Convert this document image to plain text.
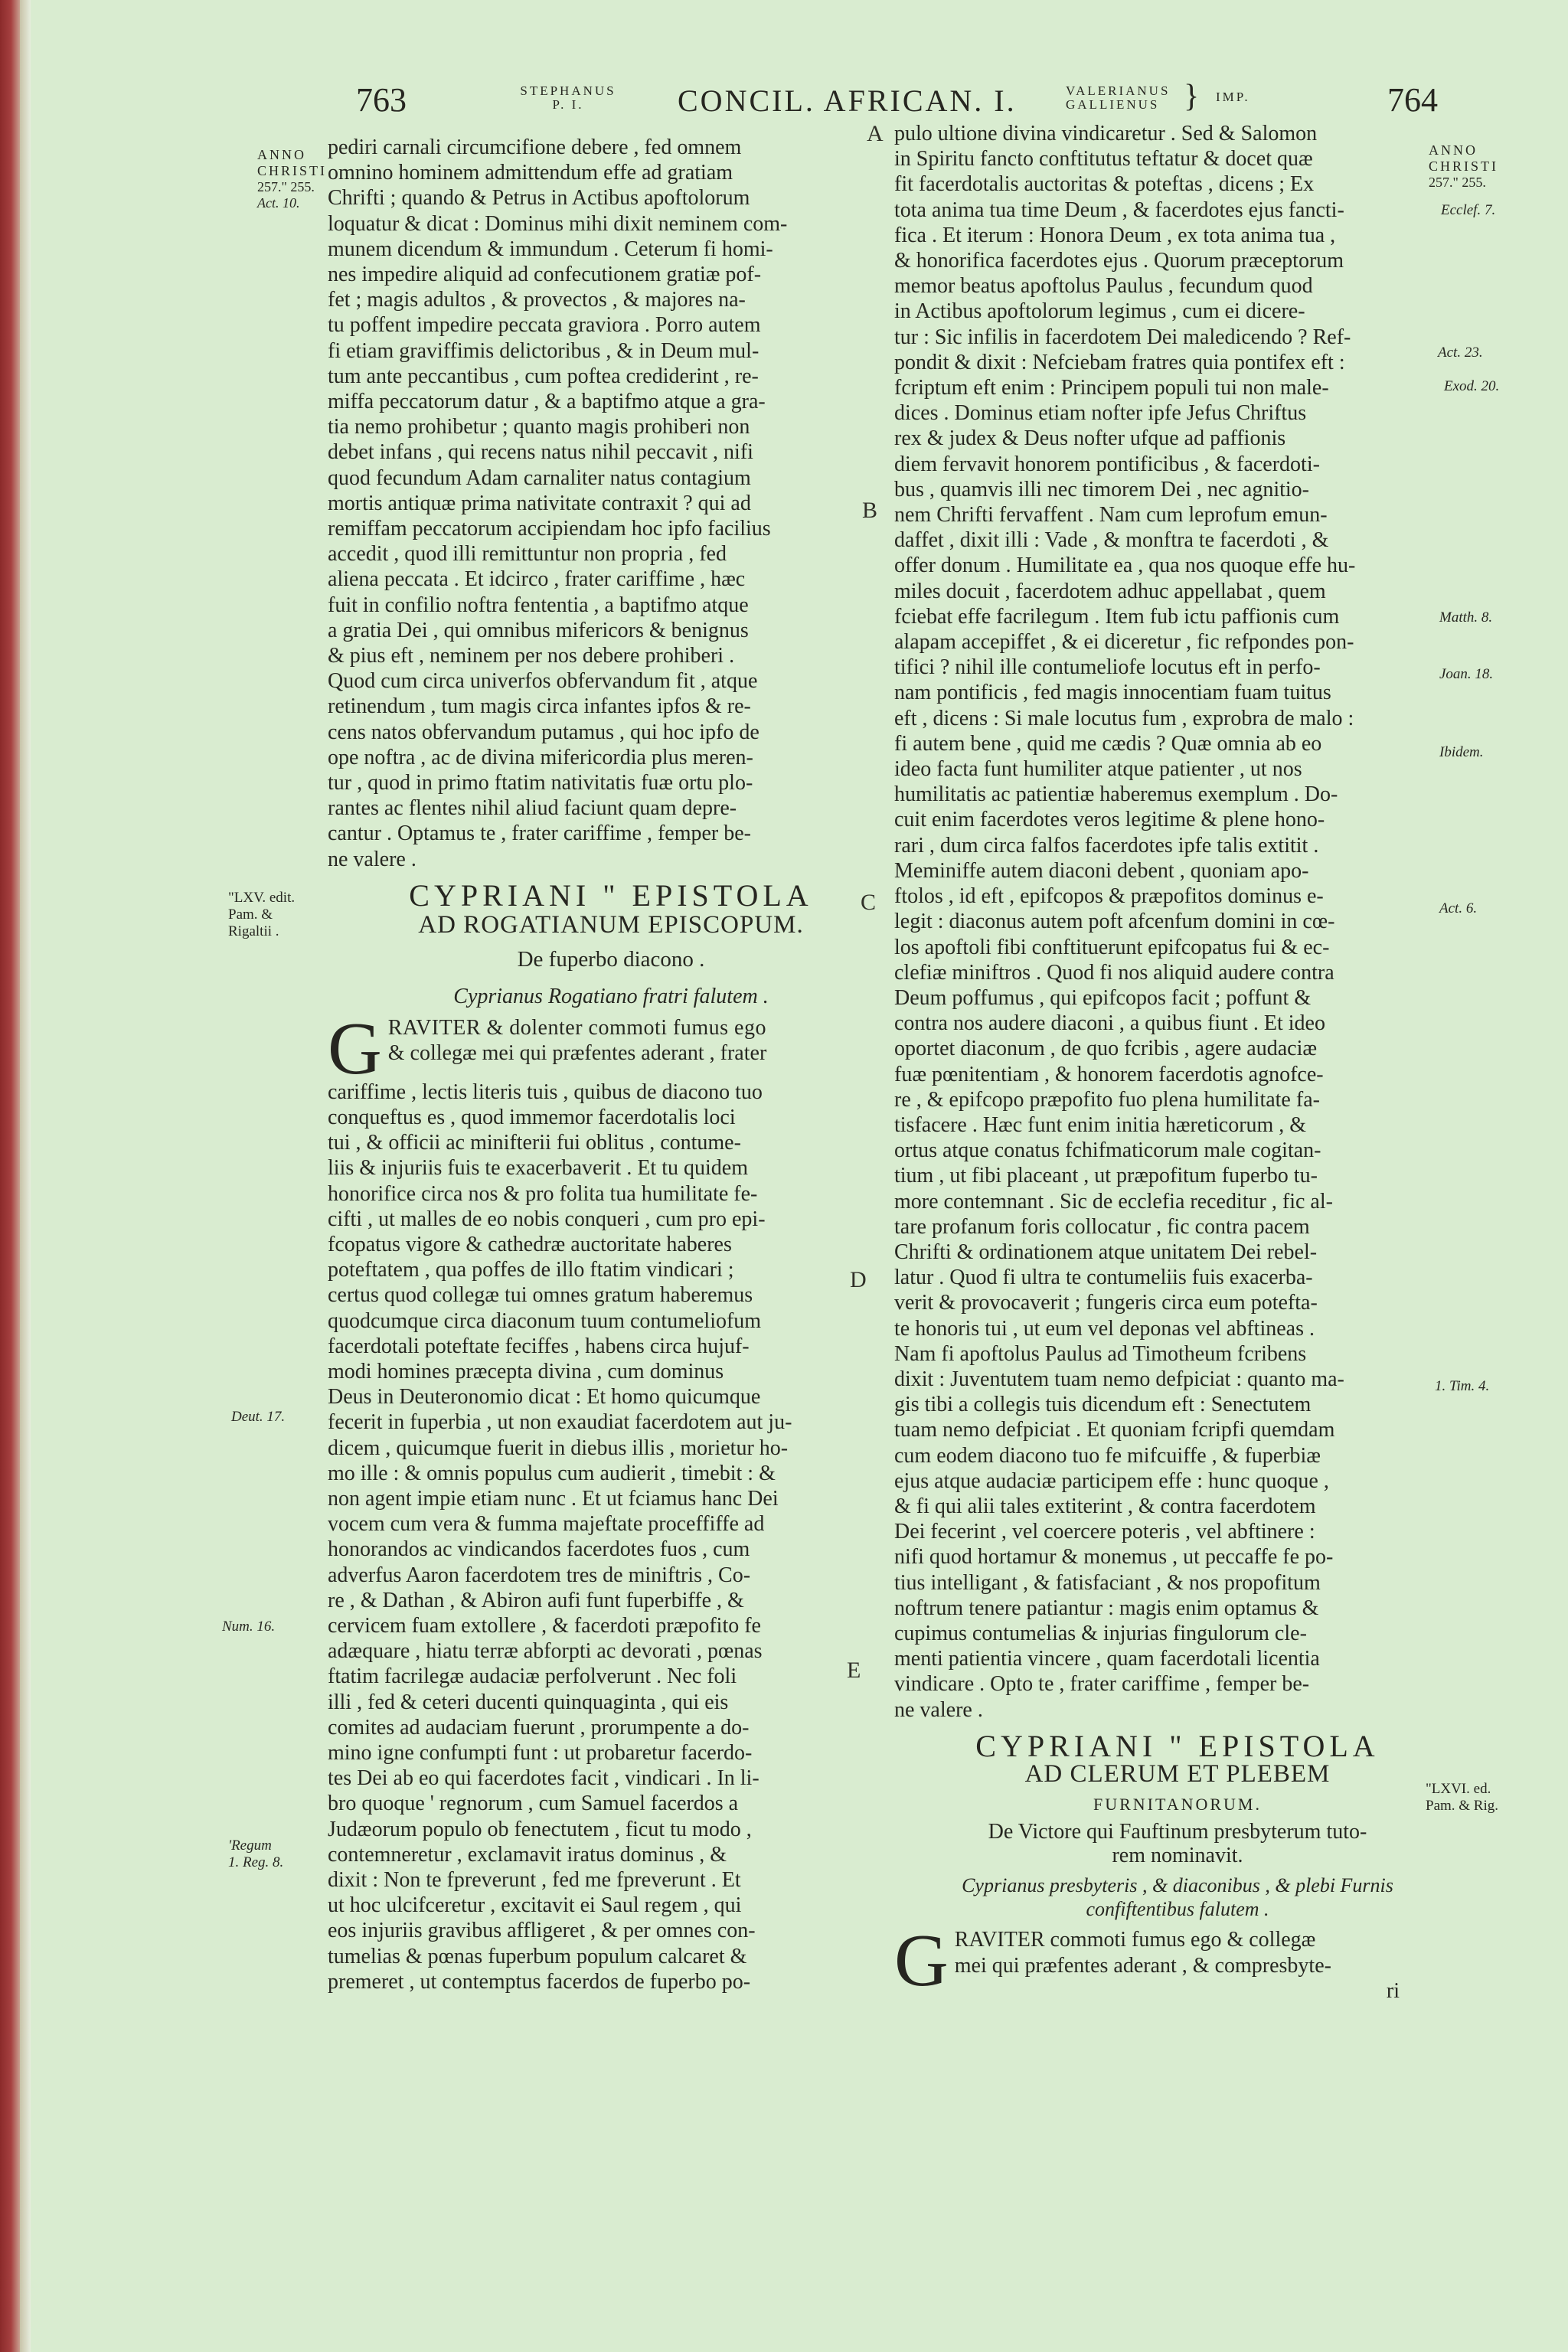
763	STEPHANUS
P. I.	CONCIL. AFRICAN. I.	VALERIANUS
GALLIENUS } IMP.	764
ANNO
CHRISTI
257." 255.
Act. 10.
"LXV. edit.
Pam. &
Rigaltii .
Deut. 17.
Num. 16.
'Regum
1. Reg. 8.

pediri carnali circumcifione debere , fed omnem

omnino hominem admittendum effe ad gratiam

Chrifti ; quando & Petrus in Actibus apoftolorum

loquatur & dicat : Dominus mihi dixit neminem com-

munem dicendum & immundum . Ceterum fi homi-

nes impedire aliquid ad confecutionem gratiæ pof-

fet ; magis adultos , & provectos , & majores na-

tu poffent impedire peccata graviora . Porro autem

fi etiam graviffimis delictoribus , & in Deum mul-

tum ante peccantibus , cum poftea crediderint , re-

miffa peccatorum datur , & a baptifmo atque a gra-

tia nemo prohibetur ; quanto magis prohiberi non

debet infans , qui recens natus nihil peccavit , nifi

quod fecundum Adam carnaliter natus contagium

mortis antiquæ prima nativitate contraxit ? qui ad

remiffam peccatorum accipiendam hoc ipfo facilius

accedit , quod illi remittuntur non propria , fed

aliena peccata . Et idcirco , frater cariffime , hæc

fuit in confilio noftra fententia , a baptifmo atque

a gratia Dei , qui omnibus mifericors & benignus

& pius eft , neminem per nos debere prohiberi .

Quod cum circa univerfos obfervandum fit , atque

retinendum , tum magis circa infantes ipfos & re-

cens natos obfervandum putamus , qui hoc ipfo de

ope noftra , ac de divina mifericordia plus meren-

tur , quod in primo ftatim nativitatis fuæ ortu plo-

rantes ac flentes nihil aliud faciunt quam depre-

cantur . Optamus te , frater cariffime , femper be-

ne valere .

CYPRIANI " EPISTOLA
AD ROGATIANUM EPISCOPUM.
De fuperbo diacono .
Cyprianus Rogatiano fratri falutem .
G RAVITER & dolenter commoti fumus ego

& collegæ mei qui præfentes aderant , frater

cariffime , lectis literis tuis , quibus de diacono tuo

conqueftus es , quod immemor facerdotalis loci

tui , & officii ac minifterii fui oblitus , contume-

liis & injuriis fuis te exacerbaverit . Et tu quidem

honorifice circa nos & pro folita tua humilitate fe-

cifti , ut malles de eo nobis conqueri , cum pro epi-

fcopatus vigore & cathedræ auctoritate haberes

poteftatem , qua poffes de illo ftatim vindicari ;

certus quod collegæ tui omnes gratum haberemus

quodcumque circa diaconum tuum contumeliofum

facerdotali poteftate feciffes , habens circa hujuf-

modi homines præcepta divina , cum dominus

Deus in Deuteronomio dicat : Et homo quicumque

fecerit in fuperbia , ut non exaudiat facerdotem aut ju-

dicem , quicumque fuerit in diebus illis , morietur ho-

mo ille : & omnis populus cum audierit , timebit : &

non agent impie etiam nunc . Et ut fciamus hanc Dei

vocem cum vera & fumma majeftate proceffiffe ad

honorandos ac vindicandos facerdotes fuos , cum

adverfus Aaron facerdotem tres de miniftris , Co-

re , & Dathan , & Abiron aufi funt fuperbiffe , &

cervicem fuam extollere , & facerdoti præpofito fe

adæquare , hiatu terræ abforpti ac devorati , pœnas

ftatim facrilegæ audaciæ perfolverunt . Nec foli

illi , fed & ceteri ducenti quinquaginta , qui eis

comites ad audaciam fuerunt , prorumpente a do-

mino igne confumpti funt : ut probaretur facerdo-

tes Dei ab eo qui facerdotes facit , vindicari . In li-

bro quoque ' regnorum , cum Samuel facerdos a

Judæorum populo ob fenectutem , ficut tu modo ,

contemneretur , exclamavit iratus dominus , &

dixit : Non te fpreverunt , fed me fpreverunt . Et

ut hoc ulcifceretur , excitavit ei Saul regem , qui

eos injuriis gravibus affligeret , & per omnes con-

tumelias & pœnas fuperbum populum calcaret &

premeret , ut contemptus facerdos de fuperbo po-

A
B
C
D
E

pulo ultione divina vindicaretur . Sed & Salomon

in Spiritu fancto conftitutus teftatur & docet quæ

fit facerdotalis auctoritas & poteftas , dicens ; Ex

tota anima tua time Deum , & facerdotes ejus fancti-

fica . Et iterum : Honora Deum , ex tota anima tua ,

& honorifica facerdotes ejus . Quorum præceptorum

memor beatus apoftolus Paulus , fecundum quod

in Actibus apoftolorum legimus , cum ei dicere-

tur : Sic infilis in facerdotem Dei maledicendo ? Ref-

pondit & dixit : Nefciebam fratres quia pontifex eft :

fcriptum eft enim : Principem populi tui non male-

dices . Dominus etiam nofter ipfe Jefus Chriftus

rex & judex & Deus nofter ufque ad paffionis

diem fervavit honorem pontificibus , & facerdoti-

bus , quamvis illi nec timorem Dei , nec agnitio-

nem Chrifti fervaffent . Nam cum leprofum emun-

daffet , dixit illi : Vade , & monftra te facerdoti , &

offer donum . Humilitate ea , qua nos quoque effe hu-

miles docuit , facerdotem adhuc appellabat , quem

fciebat effe facrilegum . Item fub ictu paffionis cum

alapam accepiffet , & ei diceretur , fic refpondes pon-

tifici ? nihil ille contumeliofe locutus eft in perfo-

nam pontificis , fed magis innocentiam fuam tuitus

eft , dicens : Si male locutus fum , exprobra de malo :

fi autem bene , quid me cædis ? Quæ omnia ab eo

ideo facta funt humiliter atque patienter , ut nos

humilitatis ac patientiæ haberemus exemplum . Do-

cuit enim facerdotes veros legitime & plene hono-

rari , dum circa falfos facerdotes ipfe talis extitit .

Meminiffe autem diaconi debent , quoniam apo-

ftolos , id eft , epifcopos & præpofitos dominus e-

legit : diaconus autem poft afcenfum domini in cœ-

los apoftoli fibi conftituerunt epifcopatus fui & ec-

clefiæ miniftros . Quod fi nos aliquid audere contra

Deum poffumus , qui epifcopos facit ; poffunt &

contra nos audere diaconi , a quibus fiunt . Et ideo

oportet diaconum , de quo fcribis , agere audaciæ

fuæ pœnitentiam , & honorem facerdotis agnofce-

re , & epifcopo præpofito fuo plena humilitate fa-

tisfacere . Hæc funt enim initia hæreticorum , &

ortus atque conatus fchifmaticorum male cogitan-

tium , ut fibi placeant , ut præpofitum fuperbo tu-

more contemnant . Sic de ecclefia receditur , fic al-

tare profanum foris collocatur , fic contra pacem

Chrifti & ordinationem atque unitatem Dei rebel-

latur . Quod fi ultra te contumeliis fuis exacerba-

verit & provocaverit ; fungeris circa eum potefta-

te honoris tui , ut eum vel deponas vel abftineas .

Nam fi apoftolus Paulus ad Timotheum fcribens

dixit : Juventutem tuam nemo defpiciat : quanto ma-

gis tibi a collegis tuis dicendum eft : Senectutem

tuam nemo defpiciat . Et quoniam fcripfi quemdam

cum eodem diacono tuo fe mifcuiffe , & fuperbiæ

ejus atque audaciæ participem effe : hunc quoque ,

& fi qui alii tales extiterint , & contra facerdotem

Dei fecerint , vel coercere poteris , vel abftinere :

nifi quod hortamur & monemus , ut peccaffe fe po-

tius intelligant , & fatisfaciant , & nos propofitum

noftrum tenere patiantur : magis enim optamus &

cupimus contumelias & injurias fingulorum cle-

menti patientia vincere , quam facerdotali licentia

vindicare . Opto te , frater cariffime , femper be-

ne valere .

CYPRIANI " EPISTOLA
AD CLERUM ET PLEBEM
FURNITANORUM.
De Victore qui Fauftinum presbyterum tuto-
rem nominavit.
Cyprianus presbyteris , & diaconibus , & plebi Furnis
confiftentibus falutem .
G RAVITER commoti fumus ego & collegæ

mei qui præfentes aderant , & compresbyte-

ri

ANNO
CHRISTI
257." 255.
Ecclef. 7.
Act. 23.
Exod. 20.
Matth. 8.
Joan. 18.
Ibidem.
Act. 6.
1. Tim. 4.
"LXVI. ed.
Pam. & Rig.
